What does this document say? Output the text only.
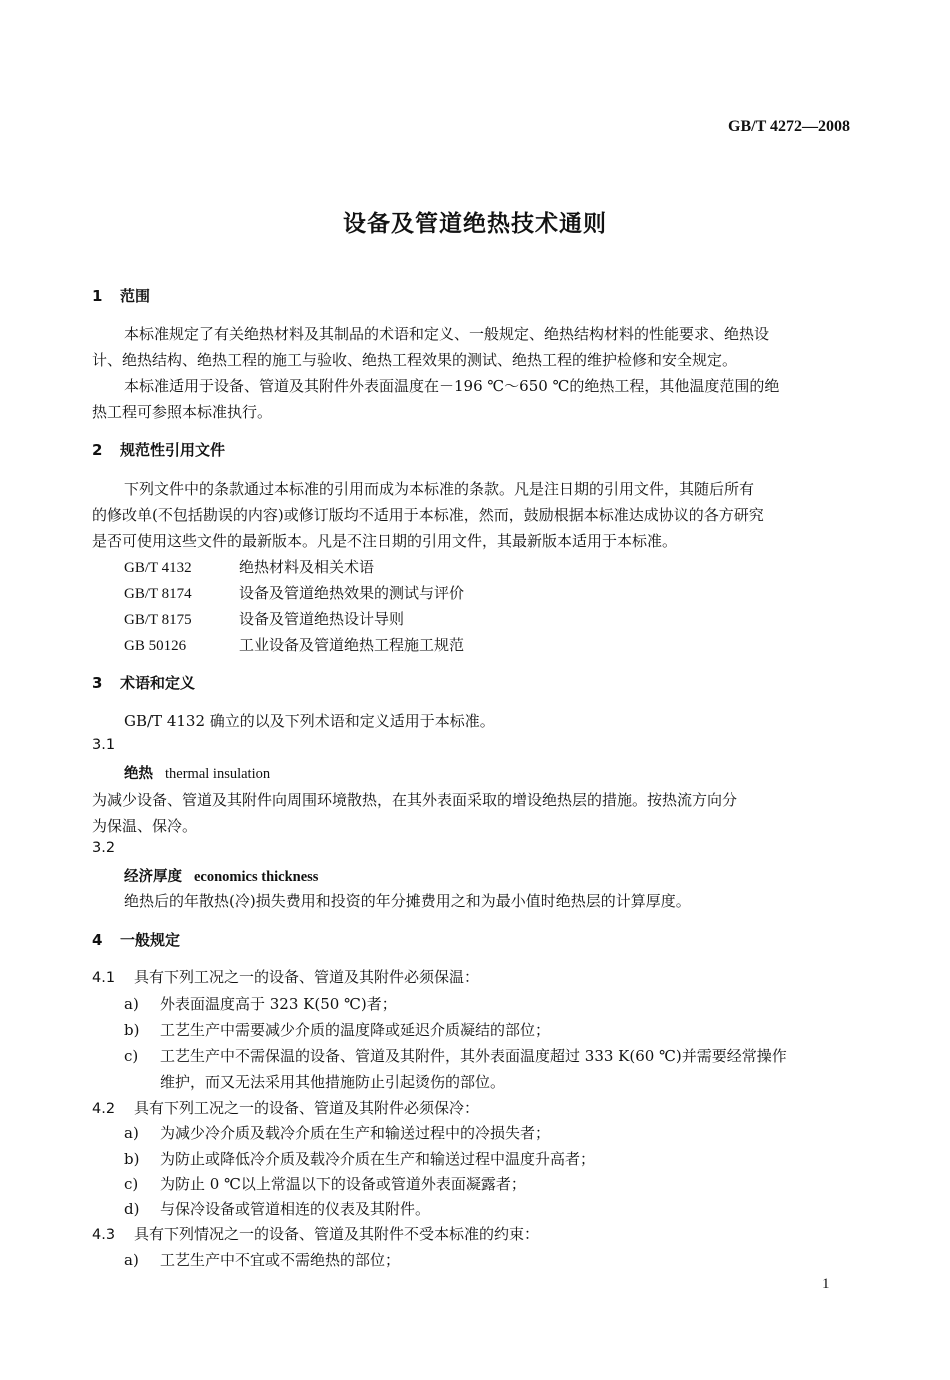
GB/T 4272—2008
设备及管道绝热技术通则
1 范围
本标准规定了有关绝热材料及其制品的术语和定义、一般规定、绝热结构材料的性能要求、绝热设
计、绝热结构、绝热工程的施工与验收、绝热工程效果的测试、绝热工程的维护检修和安全规定。
本标准适用于设备、管道及其附件外表面温度在－196 ℃～650 ℃的绝热工程，其他温度范围的绝
热工程可参照本标准执行。
2 规范性引用文件
下列文件中的条款通过本标准的引用而成为本标准的条款。凡是注日期的引用文件，其随后所有
的修改单(不包括勘误的内容)或修订版均不适用于本标准，然而，鼓励根据本标准达成协议的各方研究
是否可使用这些文件的最新版本。凡是不注日期的引用文件，其最新版本适用于本标准。
GB/T 4132	绝热材料及相关术语
GB/T 8174	设备及管道绝热效果的测试与评价
GB/T 8175	设备及管道绝热设计导则
GB 50126	工业设备及管道绝热工程施工规范
3 术语和定义
GB/T 4132 确立的以及下列术语和定义适用于本标准。
3.1
绝热 thermal insulation
为减少设备、管道及其附件向周围环境散热，在其外表面采取的增设绝热层的措施。按热流方向分
为保温、保冷。
3.2
经济厚度 economics thickness
绝热后的年散热(冷)损失费用和投资的年分摊费用之和为最小值时绝热层的计算厚度。
4 一般规定
4.1 具有下列工况之一的设备、管道及其附件必须保温：
a) 外表面温度高于 323 K(50 ℃)者；
b) 工艺生产中需要减少介质的温度降或延迟介质凝结的部位；
c) 工艺生产中不需保温的设备、管道及其附件，其外表面温度超过 333 K(60 ℃)并需要经常操作
维护，而又无法采用其他措施防止引起烫伤的部位。
4.2 具有下列工况之一的设备、管道及其附件必须保冷：
a) 为减少冷介质及载冷介质在生产和输送过程中的冷损失者；
b) 为防止或降低冷介质及载冷介质在生产和输送过程中温度升高者；
c) 为防止 0 ℃以上常温以下的设备或管道外表面凝露者；
d) 与保冷设备或管道相连的仪表及其附件。
4.3 具有下列情况之一的设备、管道及其附件不受本标准的约束：
a) 工艺生产中不宜或不需绝热的部位；
1
